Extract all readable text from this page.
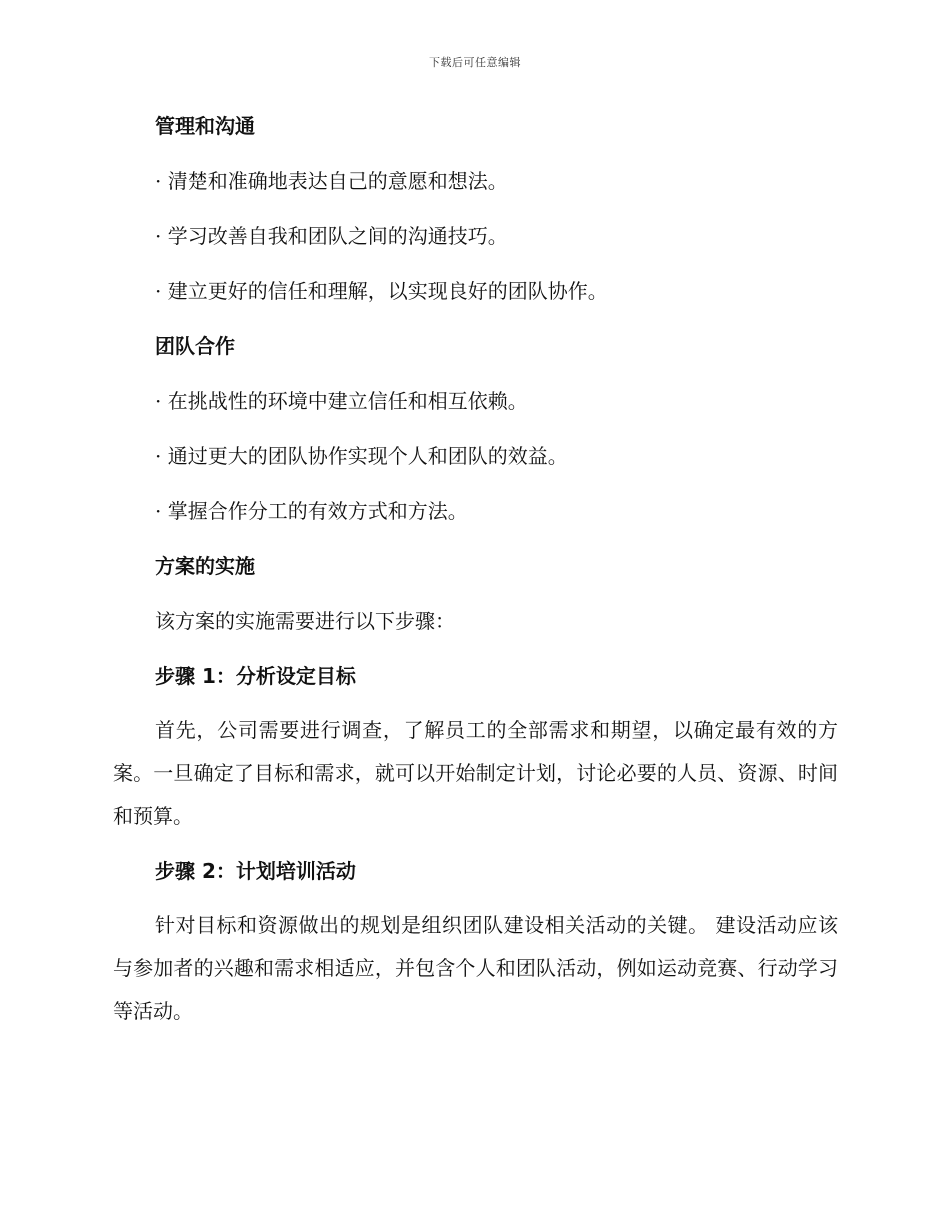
下载后可任意编辑
管理和沟通
· 清楚和准确地表达自己的意愿和想法。
· 学习改善自我和团队之间的沟通技巧。
· 建立更好的信任和理解，以实现良好的团队协作。
团队合作
· 在挑战性的环境中建立信任和相互依赖。
· 通过更大的团队协作实现个人和团队的效益。
· 掌握合作分工的有效方式和方法。
方案的实施
该方案的实施需要进行以下步骤：
步骤 1：分析设定目标

首先，公司需要进行调查，了解员工的全部需求和期望，以确定最有效的方案。一旦确定了目标和需求，就可以开始制定计划，讨论必要的人员、资源、时间和预算。

步骤 2：计划培训活动

针对目标和资源做出的规划是组织团队建设相关活动的关键。 建设活动应该与参加者的兴趣和需求相适应，并包含个人和团队活动，例如运动竞赛、行动学习等活动。
